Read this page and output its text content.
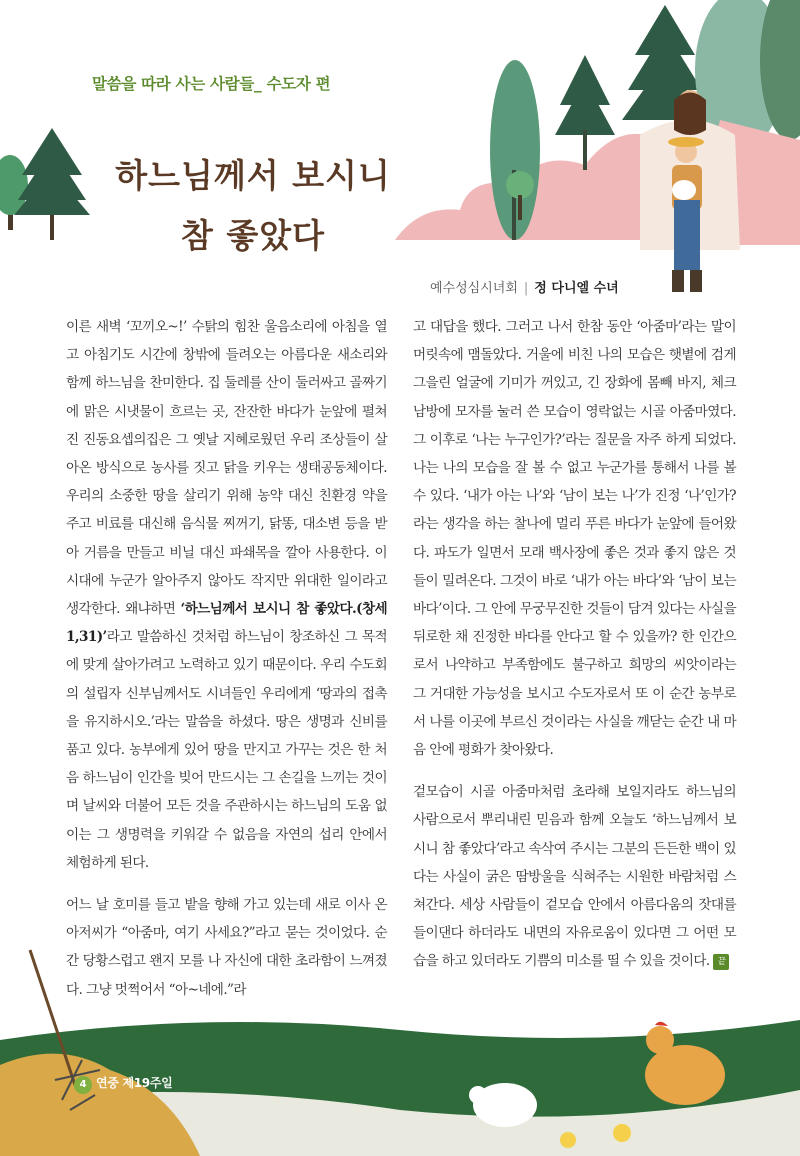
말씀을 따라 사는 사람들_ 수도자 편
하느님께서 보시니
참 좋았다
예수성심시녀회 | 정 다니엘 수녀

이른 새벽 ‘꼬끼오~!’ 수탉의 힘찬 울음소리에 아침을 열고 아침기도 시간에 창밖에 들려오는 아름다운 새소리와 함께 하느님을 찬미한다. 집 둘레를 산이 둘러싸고 골짜기에 맑은 시냇물이 흐르는 곳, 잔잔한 바다가 눈앞에 펼쳐진 진동요셉의집은 그 옛날 지혜로웠던 우리 조상들이 살아온 방식으로 농사를 짓고 닭을 키우는 생태공동체이다. 우리의 소중한 땅을 살리기 위해 농약 대신 친환경 약을 주고 비료를 대신해 음식물 찌꺼기, 닭똥, 대소변 등을 받아 거름을 만들고 비닐 대신 파쇄목을 깔아 사용한다. 이 시대에 누군가 알아주지 않아도 작지만 위대한 일이라고 생각한다. 왜냐하면 ‘하느님께서 보시니 참 좋았다.(창세 1,31)’라고 말씀하신 것처럼 하느님이 창조하신 그 목적에 맞게 살아가려고 노력하고 있기 때문이다. 우리 수도회의 설립자 신부님께서도 시녀들인 우리에게 ‘땅과의 접촉을 유지하시오.’라는 말씀을 하셨다. 땅은 생명과 신비를 품고 있다. 농부에게 있어 땅을 만지고 가꾸는 것은 한 처음 하느님이 인간을 빚어 만드시는 그 손길을 느끼는 것이며 날씨와 더불어 모든 것을 주관하시는 하느님의 도움 없이는 그 생명력을 키워갈 수 없음을 자연의 섭리 안에서 체험하게 된다.

어느 날 호미를 들고 밭을 향해 가고 있는데 새로 이사 온 아저씨가 “아줌마, 여기 사세요?”라고 묻는 것이었다. 순간 당황스럽고 왠지 모를 나 자신에 대한 초라함이 느껴졌다. 그냥 멋쩍어서 “아~네에.”라

고 대답을 했다. 그러고 나서 한참 동안 ‘아줌마’라는 말이 머릿속에 맴돌았다. 거울에 비친 나의 모습은 햇볕에 검게 그을린 얼굴에 기미가 꺼있고, 긴 장화에 몸빼 바지, 체크남방에 모자를 눌러 쓴 모습이 영락없는 시골 아줌마였다. 그 이후로 ‘나는 누구인가?’라는 질문을 자주 하게 되었다. 나는 나의 모습을 잘 볼 수 없고 누군가를 통해서 나를 볼 수 있다. ‘내가 아는 나’와 ‘남이 보는 나’가 진정 ‘나’인가? 라는 생각을 하는 찰나에 멀리 푸른 바다가 눈앞에 들어왔다. 파도가 일면서 모래 백사장에 좋은 것과 좋지 않은 것들이 밀려온다. 그것이 바로 ‘내가 아는 바다’와 ‘남이 보는 바다’이다. 그 안에 무궁무진한 것들이 담겨 있다는 사실을 뒤로한 채 진정한 바다를 안다고 할 수 있을까? 한 인간으로서 나약하고 부족함에도 불구하고 희망의 씨앗이라는 그 거대한 가능성을 보시고 수도자로서 또 이 순간 농부로서 나를 이곳에 부르신 것이라는 사실을 깨닫는 순간 내 마음 안에 평화가 찾아왔다.

겉모습이 시골 아줌마처럼 초라해 보일지라도 하느님의 사람으로서 뿌리내린 믿음과 함께 오늘도 ‘하느님께서 보시니 참 좋았다’라고 속삭여 주시는 그분의 든든한 백이 있다는 사실이 굵은 땀방울을 식혀주는 시원한 바람처럼 스쳐간다. 세상 사람들이 겉모습 안에서 아름다움의 잣대를 들이댄다 하더라도 내면의 자유로움이 있다면 그 어떤 모습을 하고 있더라도 기쁨의 미소를 띨 수 있을 것이다. 끝

4 연중 제19주일
